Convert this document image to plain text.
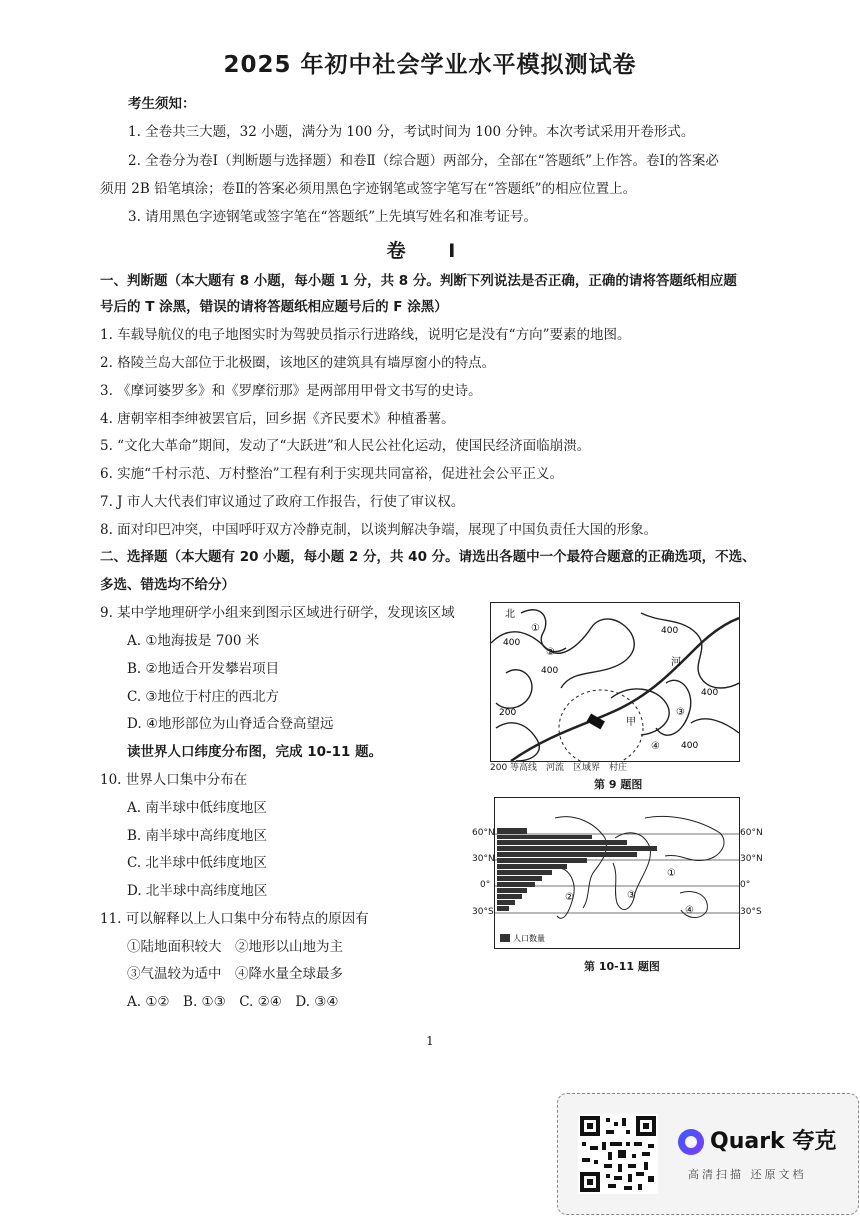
2025 年初中社会学业水平模拟测试卷
考生须知：
1. 全卷共三大题，32 小题，满分为 100 分，考试时间为 100 分钟。本次考试采用开卷形式。
2. 全卷分为卷Ⅰ（判断题与选择题）和卷Ⅱ（综合题）两部分，全部在“答题纸”上作答。卷Ⅰ的答案必
须用 2B 铅笔填涂；卷Ⅱ的答案必须用黑色字迹钢笔或签字笔写在“答题纸”的相应位置上。
3. 请用黑色字迹钢笔或签字笔在“答题纸”上先填写姓名和准考证号。
卷 Ⅰ
一、判断题（本大题有 8 小题，每小题 1 分，共 8 分。判断下列说法是否正确，正确的请将答题纸相应题
号后的 T 涂黑，错误的请将答题纸相应题号后的 F 涂黑）
1. 车载导航仪的电子地图实时为驾驶员指示行进路线，说明它是没有“方向”要素的地图。
2. 格陵兰岛大部位于北极圈，该地区的建筑具有墙厚窗小的特点。
3. 《摩诃婆罗多》和《罗摩衍那》是两部用甲骨文书写的史诗。
4. 唐朝宰相李绅被罢官后，回乡据《齐民要术》种植番薯。
5. “文化大革命”期间，发动了“大跃进”和人民公社化运动，使国民经济面临崩溃。
6. 实施“千村示范、万村整治”工程有利于实现共同富裕，促进社会公平正义。
7. J 市人大代表们审议通过了政府工作报告，行使了审议权。
8. 面对印巴冲突，中国呼吁双方冷静克制，以谈判解决争端，展现了中国负责任大国的形象。
二、选择题（本大题有 20 小题，每小题 2 分，共 40 分。请选出各题中一个最符合题意的正确选项，不选、
多选、错选均不给分）
9. 某中学地理研学小组来到图示区域进行研学，发现该区域
A. ①地海拔是 700 米
B. ②地适合开发攀岩项目
C. ③地位于村庄的西北方
D. ④地形部位为山脊适合登高望远
读世界人口纬度分布图，完成 10-11 题。
10. 世界人口集中分布在
A. 南半球中低纬度地区
B. 南半球中高纬度地区
C. 北半球中低纬度地区
D. 北半球中高纬度地区
11. 可以解释以上人口集中分布特点的原因有
①陆地面积较大　②地形以山地为主
③气温较为适中　④降水量全球最多
A. ①②　B. ①③　C. ②④　D. ③④
北
400
400
400
400
200
400
河
甲
①
②
③
④
200 等高线　河流　区域界　村庄
第 9 题图
人口数量
①
②	③
④
60°N
30°N
0°
30°S
60°N
30°N
0°
30°S
第 10-11 题图
1
Quark 夸克
高清扫描 还原文档
